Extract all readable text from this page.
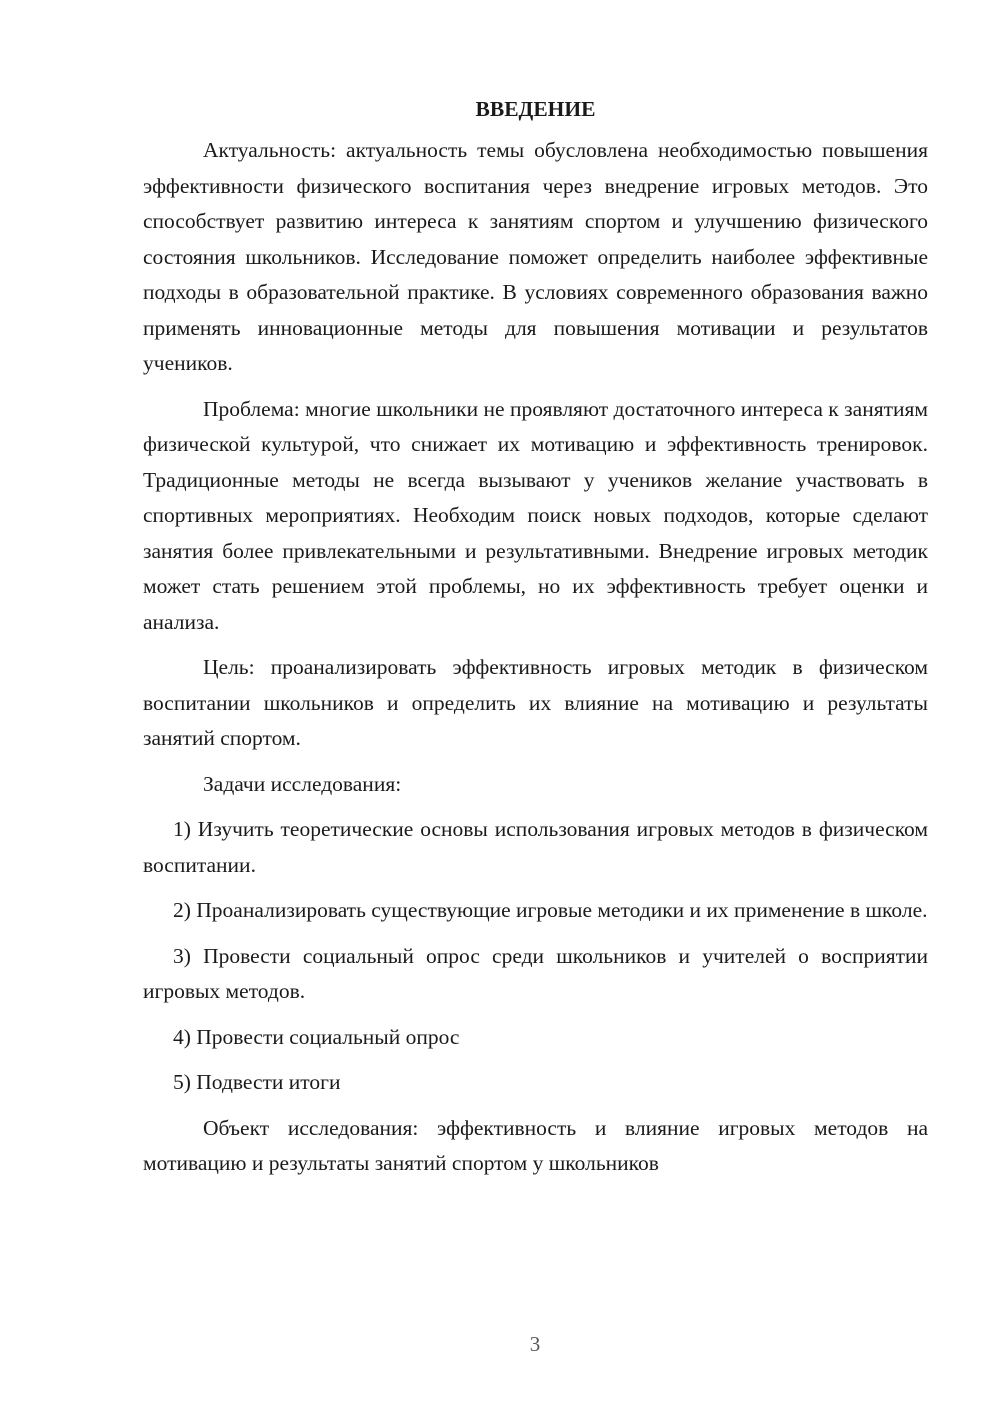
ВВЕДЕНИЕ

Актуальность: актуальность темы обусловлена необходимостью повышения эффективности физического воспитания через внедрение игровых методов. Это способствует развитию интереса к занятиям спортом и улучшению физического состояния школьников. Исследование поможет определить наиболее эффективные подходы в образовательной практике. В условиях современного образования важно применять инновационные методы для повышения мотивации и результатов учеников.

Проблема: многие школьники не проявляют достаточного интереса к занятиям физической культурой, что снижает их мотивацию и эффективность тренировок. Традиционные методы не всегда вызывают у учеников желание участвовать в спортивных мероприятиях. Необходим поиск новых подходов, которые сделают занятия более привлекательными и результативными. Внедрение игровых методик может стать решением этой проблемы, но их эффективность требует оценки и анализа.

Цель: проанализировать эффективность игровых методик в физическом воспитании школьников и определить их влияние на мотивацию и результаты занятий спортом.

Задачи исследования:

1) Изучить теоретические основы использования игровых методов в физическом воспитании.

2) Проанализировать существующие игровые методики и их применение в школе.

3) Провести социальный опрос среди школьников и учителей о восприятии игровых методов.

4) Провести социальный опрос

5) Подвести итоги

Объект исследования: эффективность и влияние игровых методов на мотивацию и результаты занятий спортом у школьников

3
